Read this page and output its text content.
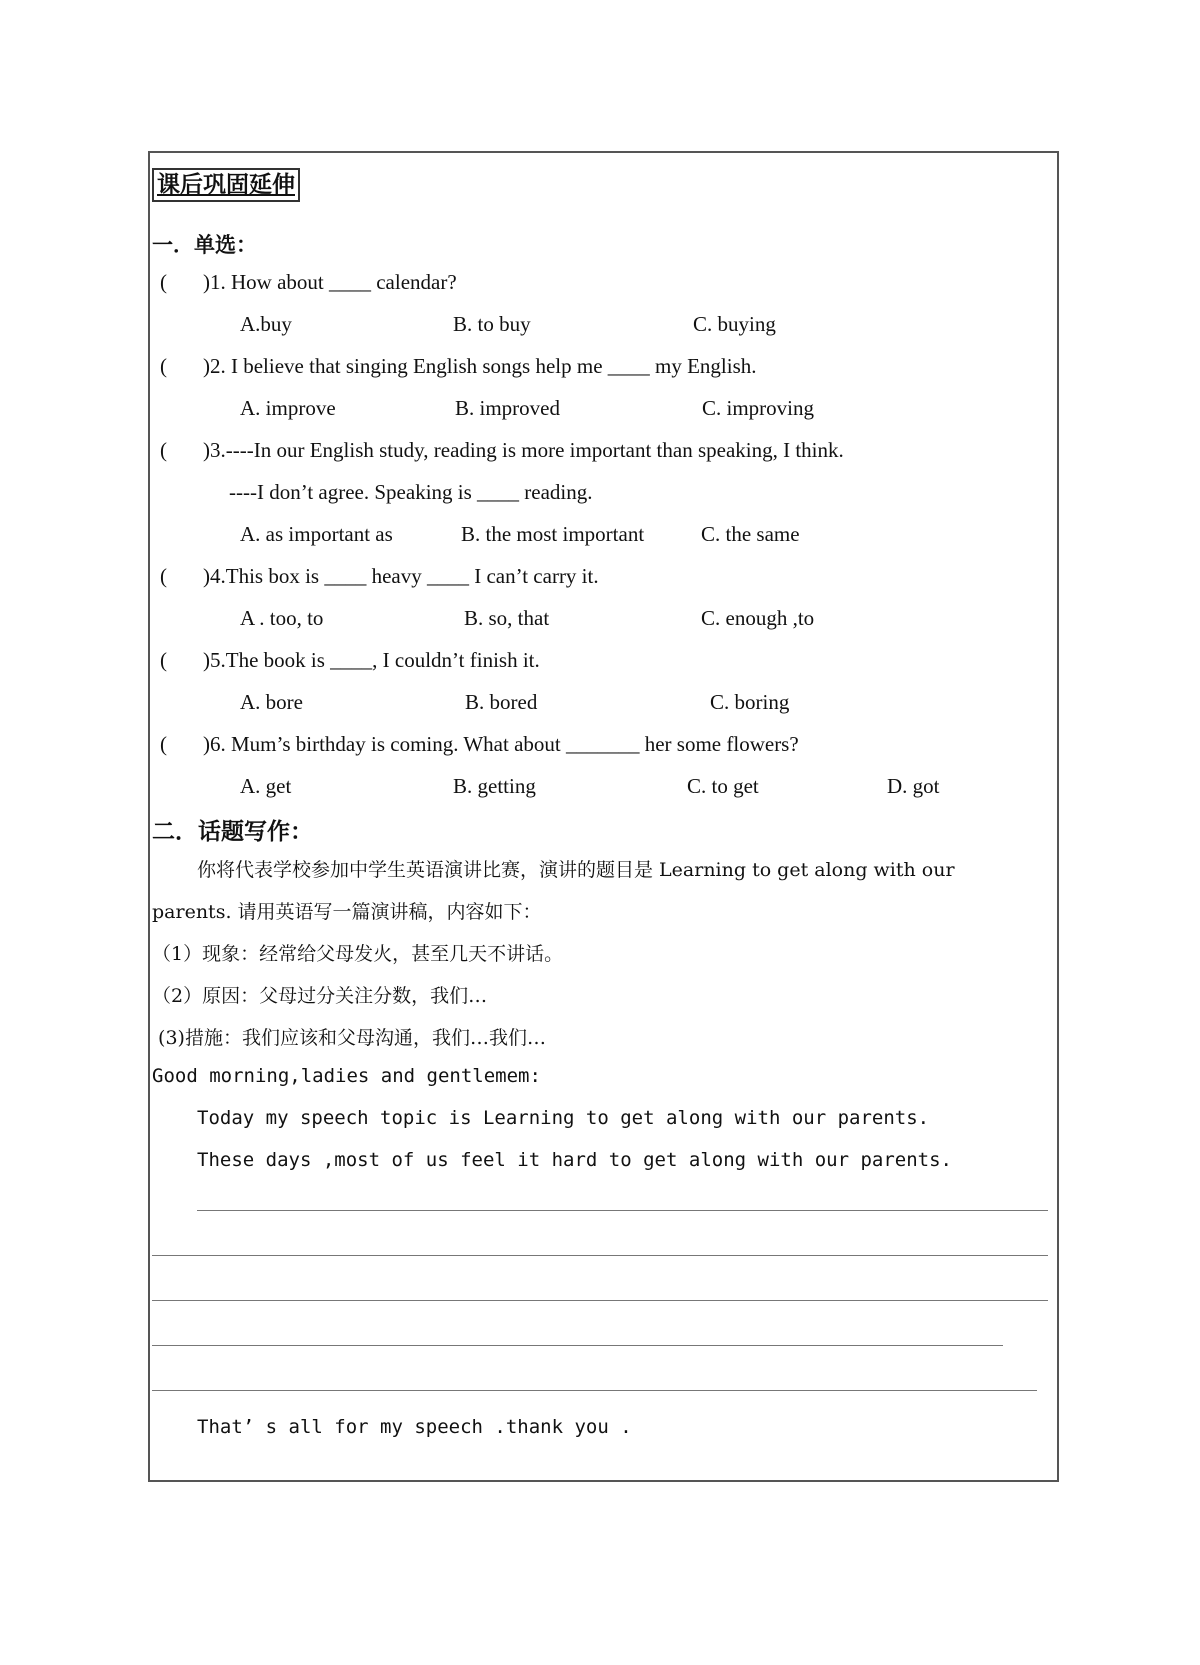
课后巩固延伸
一．单选：
( )1. How about ____ calendar?
A.buy	B. to buy	C. buying
( )2. I believe that singing English songs help me ____ my English.
A. improve	B. improved	C. improving
( )3.----In our English study, reading is more important than speaking, I think.
----I don’t agree. Speaking is ____ reading.
A. as important as	B. the most important	C. the same
( )4.This box is ____ heavy ____ I can’t carry it.
A . too, to	B. so, that	C. enough ,to
( )5.The book is ____, I couldn’t finish it.
A. bore	B. bored	C. boring
( )6. Mum’s birthday is coming. What about _______ her some flowers?
A. get	B. getting	C. to get	D. got
二．话题写作：
你将代表学校参加中学生英语演讲比赛，演讲的题目是 Learning to get along with our
parents. 请用英语写一篇演讲稿，内容如下：
（1）现象：经常给父母发火，甚至几天不讲话。
（2）原因：父母过分关注分数，我们…
(3)措施：我们应该和父母沟通，我们…我们…
Good morning,ladies and gentlemem:
Today my speech topic is Learning to get along with our parents.
These days ,most of us feel it hard to get along with our parents.
That’ s all for my speech .thank you .
